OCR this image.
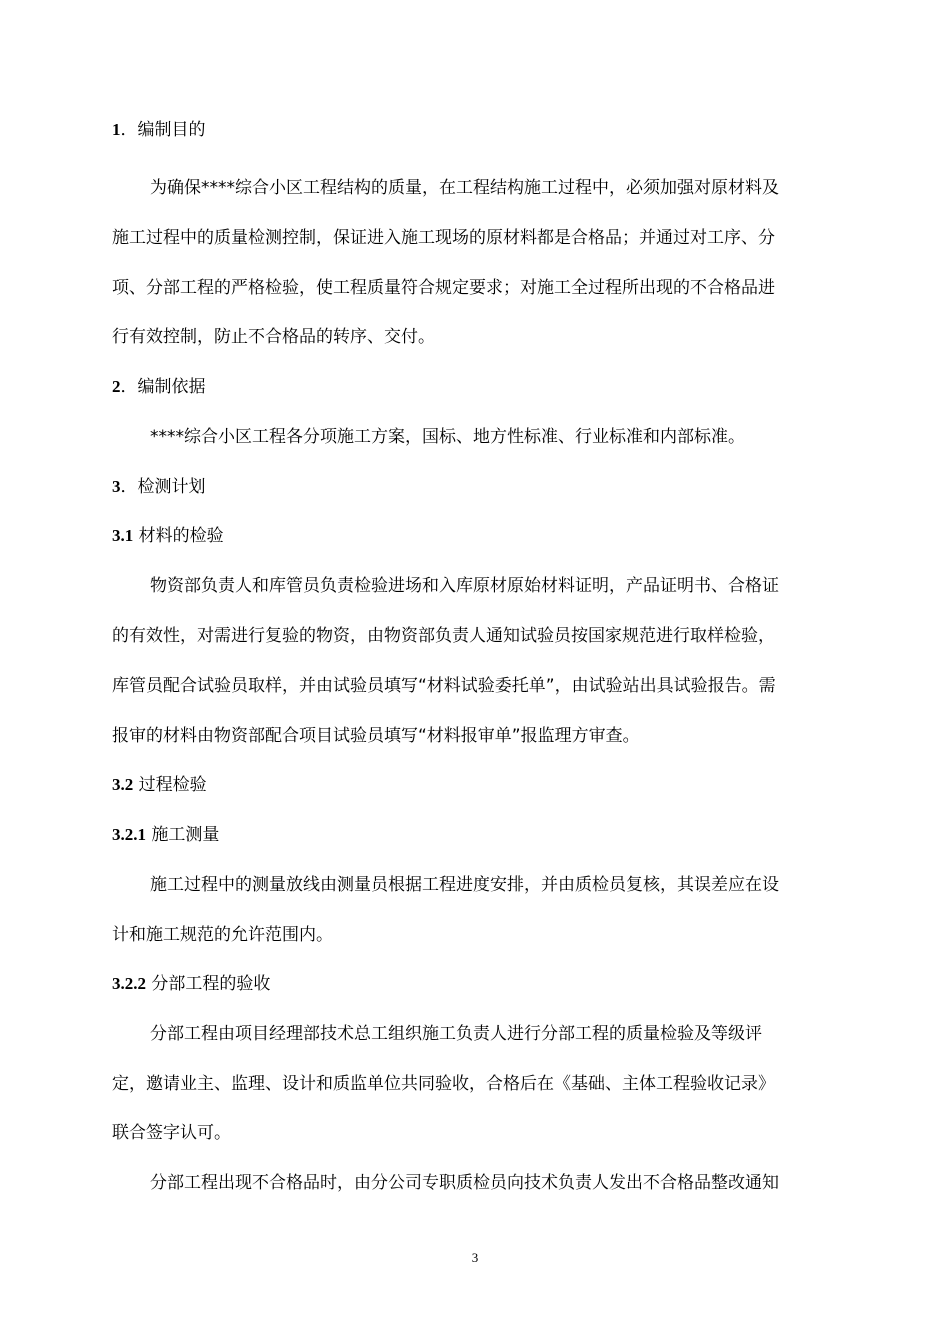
1．编制目的
为确保****综合小区工程结构的质量，在工程结构施工过程中，必须加强对原材料及
施工过程中的质量检测控制，保证进入施工现场的原材料都是合格品；并通过对工序、分
项、分部工程的严格检验，使工程质量符合规定要求；对施工全过程所出现的不合格品进
行有效控制，防止不合格品的转序、交付。
2．编制依据
****综合小区工程各分项施工方案，国标、地方性标准、行业标准和内部标准。
3．检测计划
3.1 材料的检验
物资部负责人和库管员负责检验进场和入库原材原始材料证明，产品证明书、合格证
的有效性，对需进行复验的物资，由物资部负责人通知试验员按国家规范进行取样检验，
库管员配合试验员取样，并由试验员填写“材料试验委托单”，由试验站出具试验报告。需
报审的材料由物资部配合项目试验员填写“材料报审单”报监理方审查。
3.2 过程检验
3.2.1 施工测量
施工过程中的测量放线由测量员根据工程进度安排，并由质检员复核，其误差应在设
计和施工规范的允许范围内。
3.2.2 分部工程的验收
分部工程由项目经理部技术总工组织施工负责人进行分部工程的质量检验及等级评
定，邀请业主、监理、设计和质监单位共同验收，合格后在《基础、主体工程验收记录》
联合签字认可。
分部工程出现不合格品时，由分公司专职质检员向技术负责人发出不合格品整改通知
3
